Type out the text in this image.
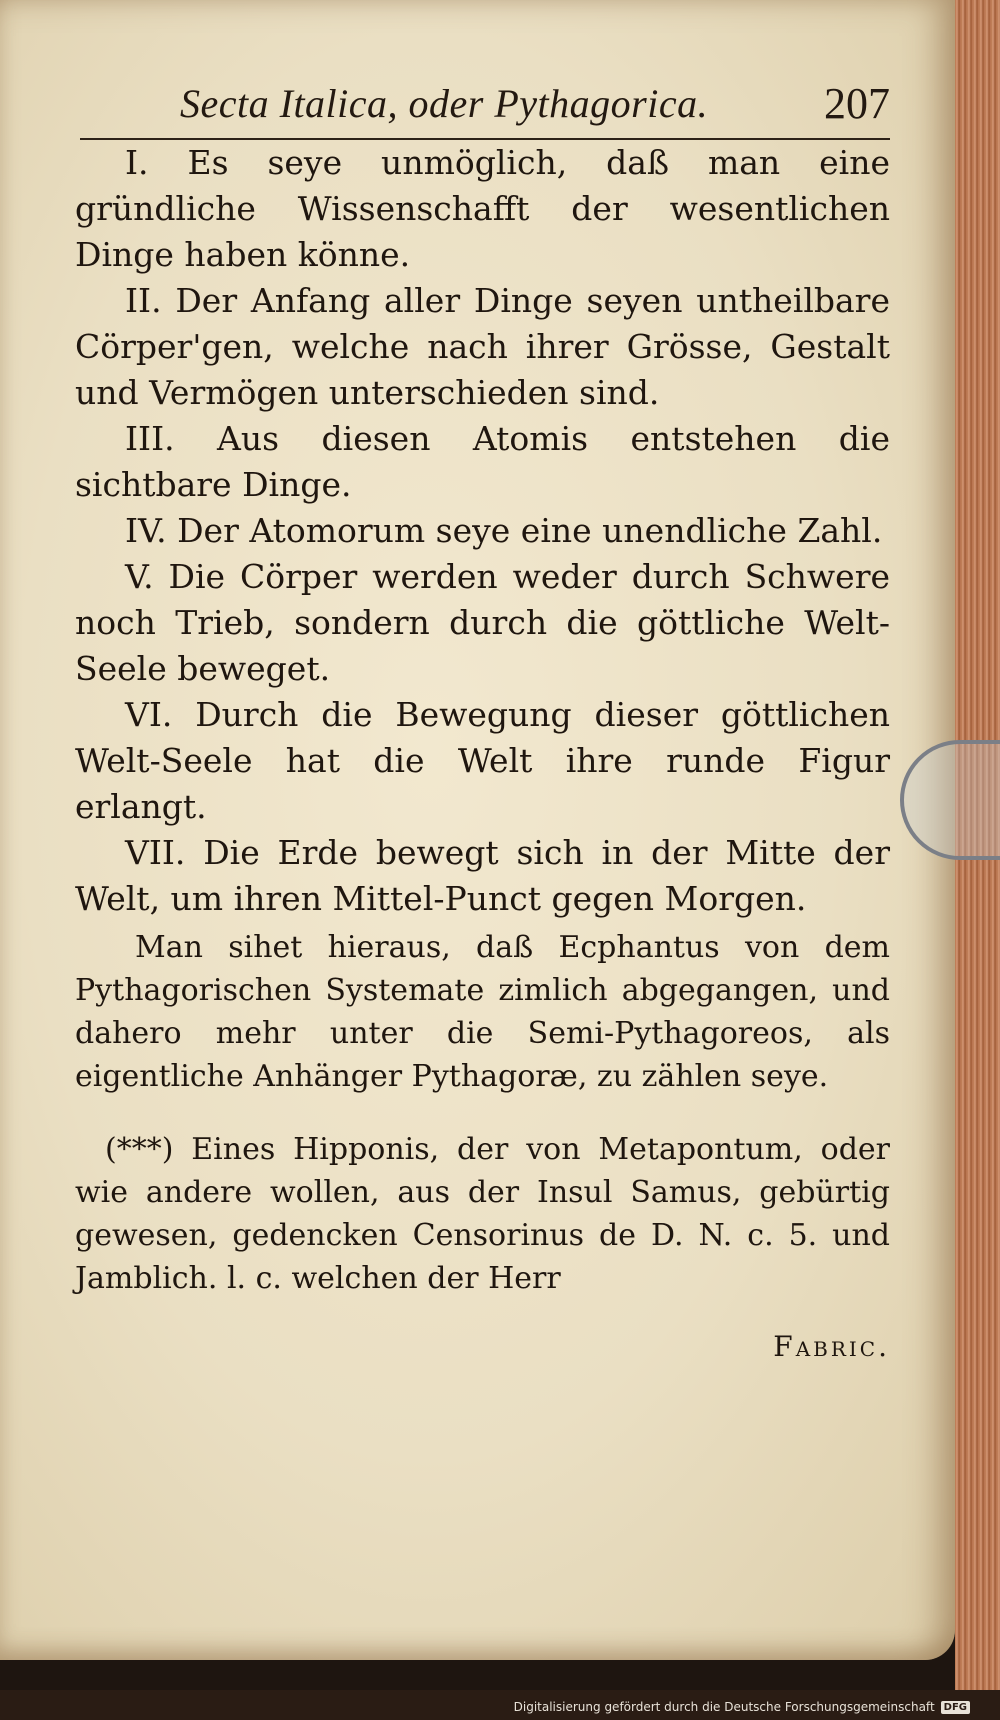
Secta Italica, oder Pythagorica.	207

I. Es seye unmöglich, daß man eine gründliche Wissenschafft der wesentlichen Dinge haben könne.

II. Der Anfang aller Dinge seyen untheilbare Cörper'gen, welche nach ihrer Grösse, Gestalt und Vermögen unterschieden sind.

III. Aus diesen Atomis entstehen die sichtbare Dinge.

IV. Der Atomorum seye eine unendliche Zahl.

V. Die Cörper werden weder durch Schwere noch Trieb, sondern durch die göttliche Welt-Seele beweget.

VI. Durch die Bewegung dieser göttlichen Welt-Seele hat die Welt ihre runde Figur erlangt.

VII. Die Erde bewegt sich in der Mitte der Welt, um ihren Mittel-Punct gegen Morgen.

Man sihet hieraus, daß Ecphantus von dem Pythagorischen Systemate zimlich abgegangen, und dahero mehr unter die Semi-Pythagoreos, als eigentliche Anhänger Pythagoræ, zu zählen seye.

(***) Eines Hipponis, der von Metapontum, oder wie andere wollen, aus der Insul Samus, gebürtig gewesen, gedencken Censorinus de D. N. c. 5. und Jamblich. l. c. welchen der Herr

Fabric.

Digitalisierung gefördert durch die Deutsche Forschungsgemeinschaft DFG
